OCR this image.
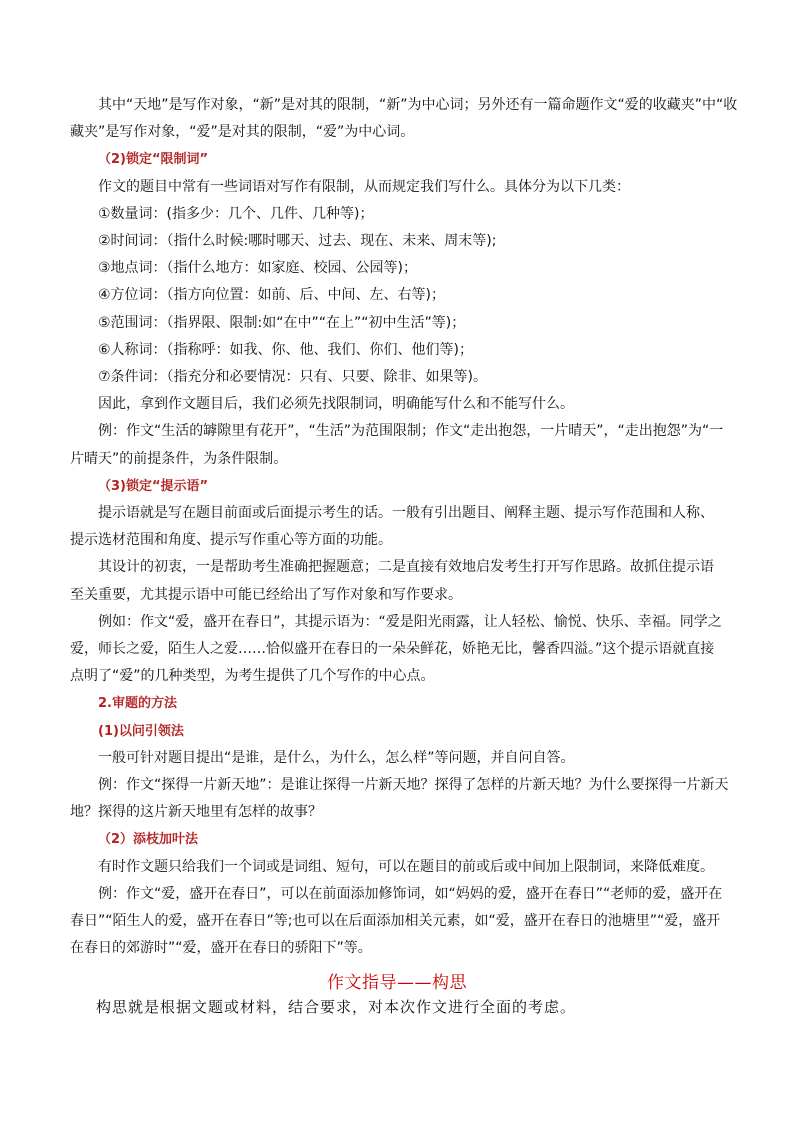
其中“天地”是写作对象，“新”是对其的限制，“新”为中心词；另外还有一篇命题作文“爱的收藏夹”中“收
藏夹”是写作对象，“爱”是对其的限制，“爱”为中心词。
（2)锁定“限制词”
作文的题目中常有一些词语对写作有限制，从而规定我们写什么。具体分为以下几类：
①数量词：(指多少：几个、几件、几种等)；
②时间词：（指什么时候:哪时哪天、过去、现在、未来、周末等);
③地点词：（指什么地方：如家庭、校园、公园等)；
④方位词：（指方向位置：如前、后、中间、左、右等)；
⑤范围词：（指界限、限制:如“在中”“在上”“初中生活”等)；
⑥人称词：（指称呼：如我、你、他、我们、你们、他们等)；
⑦条件词：（指充分和必要情况：只有、只要、除非、如果等)。
因此，拿到作文题目后，我们必须先找限制词，明确能写什么和不能写什么。
例：作文“生活的罅隙里有花开”，“生活”为范围限制；作文“走出抱怨，一片晴天”，“走出抱怨”为“一
片晴天”的前提条件，为条件限制。
（3)锁定“提示语”
提示语就是写在题目前面或后面提示考生的话。一般有引出题目、阐释主题、提示写作范围和人称、
提示选材范围和角度、提示写作重心等方面的功能。
其设计的初衷，一是帮助考生准确把握题意；二是直接有效地启发考生打开写作思路。故抓住提示语
至关重要，尤其提示语中可能已经给出了写作对象和写作要求。
例如：作文“爱，盛开在春日”，其提示语为：“爱是阳光雨露，让人轻松、愉悦、快乐、幸福。同学之
爱，师长之爱，陌生人之爱……恰似盛开在春日的一朵朵鲜花，娇艳无比，馨香四溢。”这个提示语就直接
点明了“爱”的几种类型，为考生提供了几个写作的中心点。
2.审题的方法
(1)以问引领法
一般可针对题目提出“是谁，是什么，为什么，怎么样”等问题，并自问自答。
例：作文“探得一片新天地”：是谁让探得一片新天地？探得了怎样的片新天地？为什么要探得一片新天
地？探得的这片新天地里有怎样的故事？
（2）添枝加叶法
有时作文题只给我们一个词或是词组、短句，可以在题目的前或后或中间加上限制词，来降低难度。
例：作文“爱，盛开在春日”，可以在前面添加修饰词，如“妈妈的爱，盛开在春日”“老师的爱，盛开在
春日”“陌生人的爱，盛开在春日”等;也可以在后面添加相关元素，如“爱，盛开在春日的池塘里”“爱，盛开
在春日的郊游时”“爱，盛开在春日的骄阳下”等。
作文指导——构思
构思就是根据文题或材料，结合要求，对本次作文进行全面的考虑。
